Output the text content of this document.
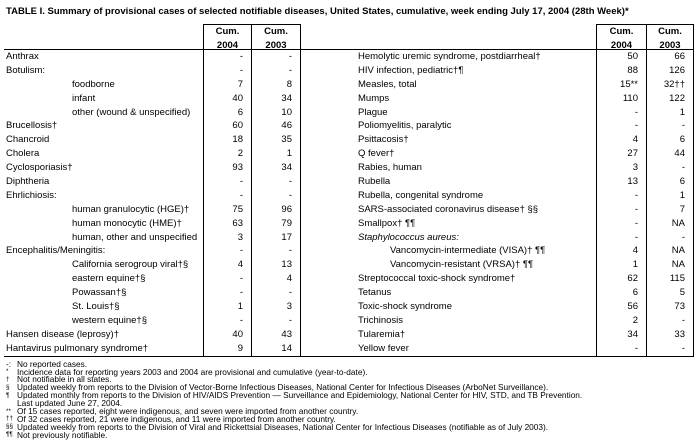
TABLE I. Summary of provisional cases of selected notifiable diseases, United States, cumulative, week ending July 17, 2004 (28th Week)*
Cum.
2004
Cum.
2003
Cum.
2004
Cum.
2003
Anthrax	-	-	Hemolytic uremic syndrome, postdiarrheal†	50	66
Botulism:	-	-	HIV infection, pediatric†¶	88	126
foodborne	7	8	Measles, total	15**	32††
infant	40	34	Mumps	110	122
other (wound & unspecified)	6	10	Plague	-	1
Brucellosis†	60	46	Poliomyelitis, paralytic	-	-
Chancroid	18	35	Psittacosis†	4	6
Cholera	2	1	Q fever†	27	44
Cyclosporiasis†	93	34	Rabies, human	3	-
Diphtheria	-	-	Rubella	13	6
Ehrlichiosis:	-	-	Rubella, congenital syndrome	-	1
human granulocytic (HGE)†	75	96	SARS-associated coronavirus disease† §§	-	7
human monocytic (HME)†	63	79	Smallpox† ¶¶	-	NA
human, other and unspecified	3	17	Staphylococcus aureus:	-	-
Encephalitis/Meningitis:	-	-	Vancomycin-intermediate (VISA)† ¶¶	4	NA
California serogroup viral†§	4	13	Vancomycin-resistant (VRSA)† ¶¶	1	NA
eastern equine†§	-	4	Streptococcal toxic-shock syndrome†	62	115
Powassan†§	-	-	Tetanus	6	5
St. Louis†§	1	3	Toxic-shock syndrome	56	73
western equine†§	-	-	Trichinosis	2	-
Hansen disease (leprosy)†	40	43	Tularemia†	34	33
Hantavirus pulmonary syndrome†	9	14	Yellow fever	-	-
-: No reported cases.
* Incidence data for reporting years 2003 and 2004 are provisional and cumulative (year-to-date).
† Not notifiable in all states.
§ Updated weekly from reports to the Division of Vector-Borne Infectious Diseases, National Center for Infectious Diseases (ArboNet Surveillance).
¶ Updated monthly from reports to the Division of HIV/AIDS Prevention — Surveillance and Epidemiology, National Center for HIV, STD, and TB Prevention.
Last updated June 27, 2004.
** Of 15 cases reported, eight were indigenous, and seven were imported from another country.
†† Of 32 cases reported, 21 were indigenous, and 11 were imported from another country.
§§ Updated weekly from reports to the Division of Viral and Rickettsial Diseases, National Center for Infectious Diseases (notifiable as of July 2003).
¶¶ Not previously notifiable.
